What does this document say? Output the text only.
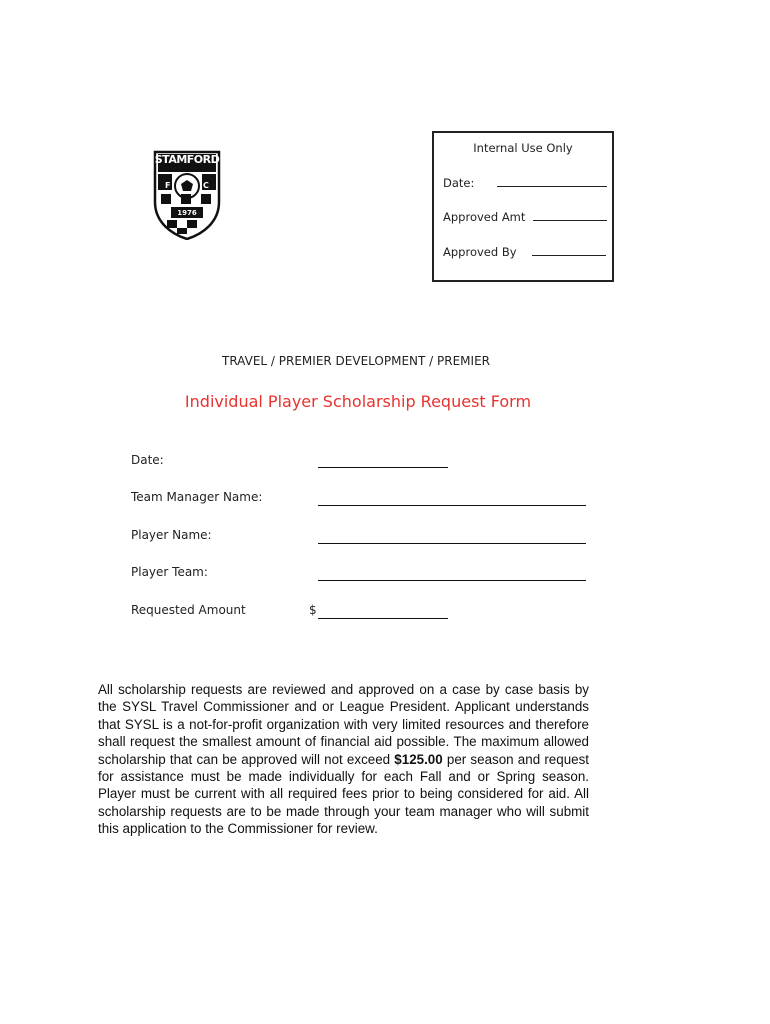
STAMFORD
F	C
1976
Internal Use Only
Date:
Approved Amt
Approved By
TRAVEL / PREMIER DEVELOPMENT / PREMIER
Individual Player Scholarship Request Form
Date:
Team Manager Name:
Player Name:
Player Team:
Requested Amount	$
All scholarship requests are reviewed and approved on a case by case basis by the SYSL Travel Commissioner and or League President. Applicant understands that SYSL is a not-for-profit organization with very limited resources and therefore shall request the smallest amount of financial aid possible. The maximum allowed scholarship that can be approved will not exceed $125.00 per season and request for assistance must be made individually for each Fall and or Spring season. Player must be current with all required fees prior to being considered for aid. All scholarship requests are to be made through your team manager who will submit this application to the Commissioner for review.
